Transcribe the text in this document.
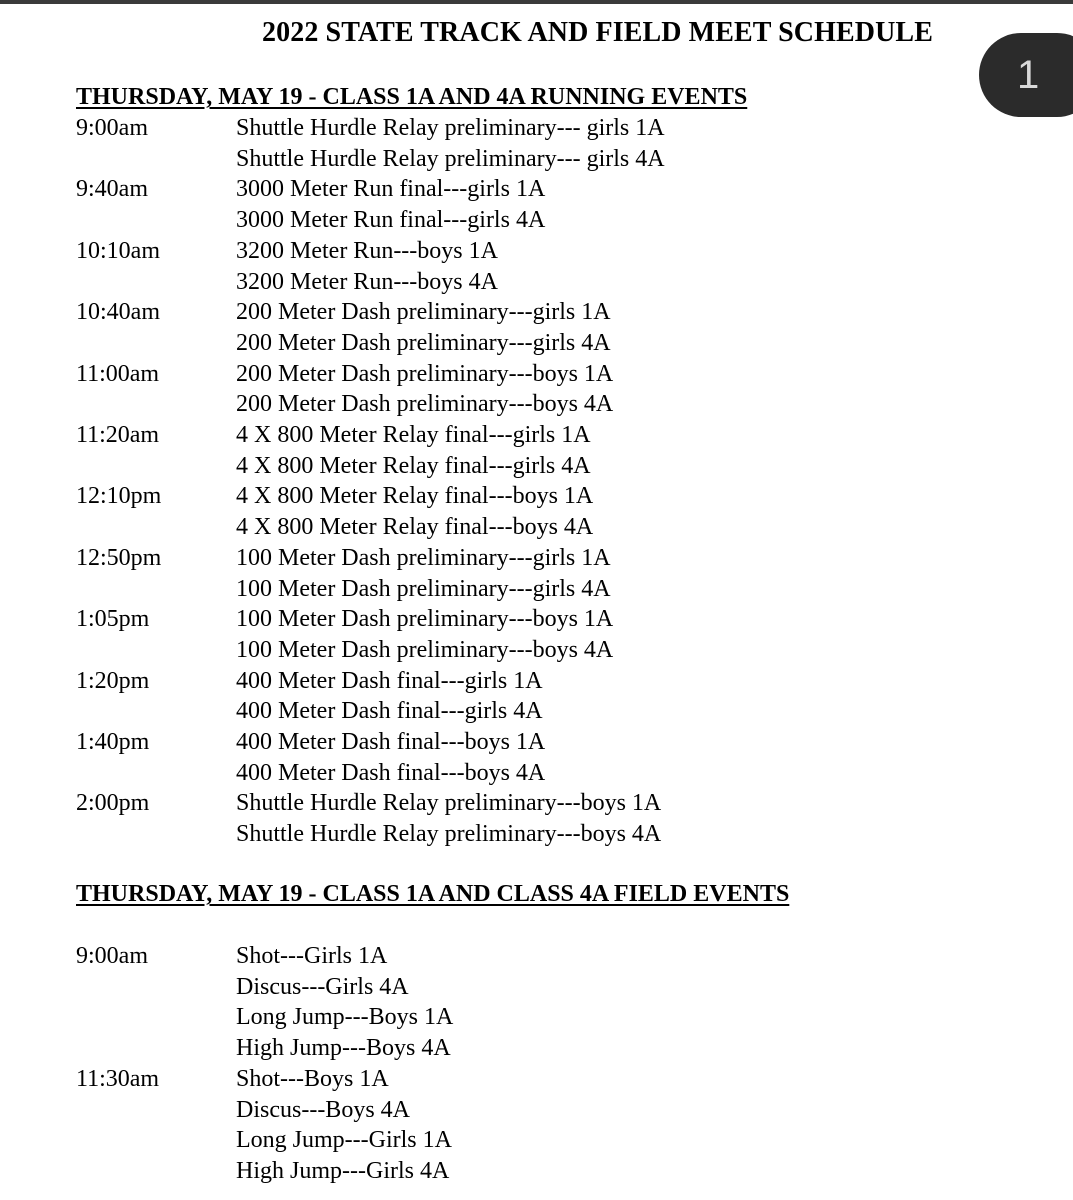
2022 STATE TRACK AND FIELD MEET SCHEDULE
1
THURSDAY, MAY 19 - CLASS 1A AND 4A RUNNING EVENTS
9:00am	Shuttle Hurdle Relay preliminary--- girls 1A
Shuttle Hurdle Relay preliminary--- girls 4A
9:40am	3000 Meter Run final---girls 1A
3000 Meter Run final---girls 4A
10:10am	3200 Meter Run---boys 1A
3200 Meter Run---boys 4A
10:40am	200 Meter Dash preliminary---girls 1A
200 Meter Dash preliminary---girls 4A
11:00am	200 Meter Dash preliminary---boys 1A
200 Meter Dash preliminary---boys 4A
11:20am	4 X 800 Meter Relay final---girls 1A
4 X 800 Meter Relay final---girls 4A
12:10pm	4 X 800 Meter Relay final---boys 1A
4 X 800 Meter Relay final---boys 4A
12:50pm	100 Meter Dash preliminary---girls 1A
100 Meter Dash preliminary---girls 4A
1:05pm	100 Meter Dash preliminary---boys 1A
100 Meter Dash preliminary---boys 4A
1:20pm	400 Meter Dash final---girls 1A
400 Meter Dash final---girls 4A
1:40pm	400 Meter Dash final---boys 1A
400 Meter Dash final---boys 4A
2:00pm	Shuttle Hurdle Relay preliminary---boys 1A
Shuttle Hurdle Relay preliminary---boys 4A
THURSDAY, MAY 19 - CLASS 1A AND CLASS 4A FIELD EVENTS
9:00am	Shot---Girls 1A
Discus---Girls 4A
Long Jump---Boys 1A
High Jump---Boys 4A
11:30am	Shot---Boys 1A
Discus---Boys 4A
Long Jump---Girls 1A
High Jump---Girls 4A
